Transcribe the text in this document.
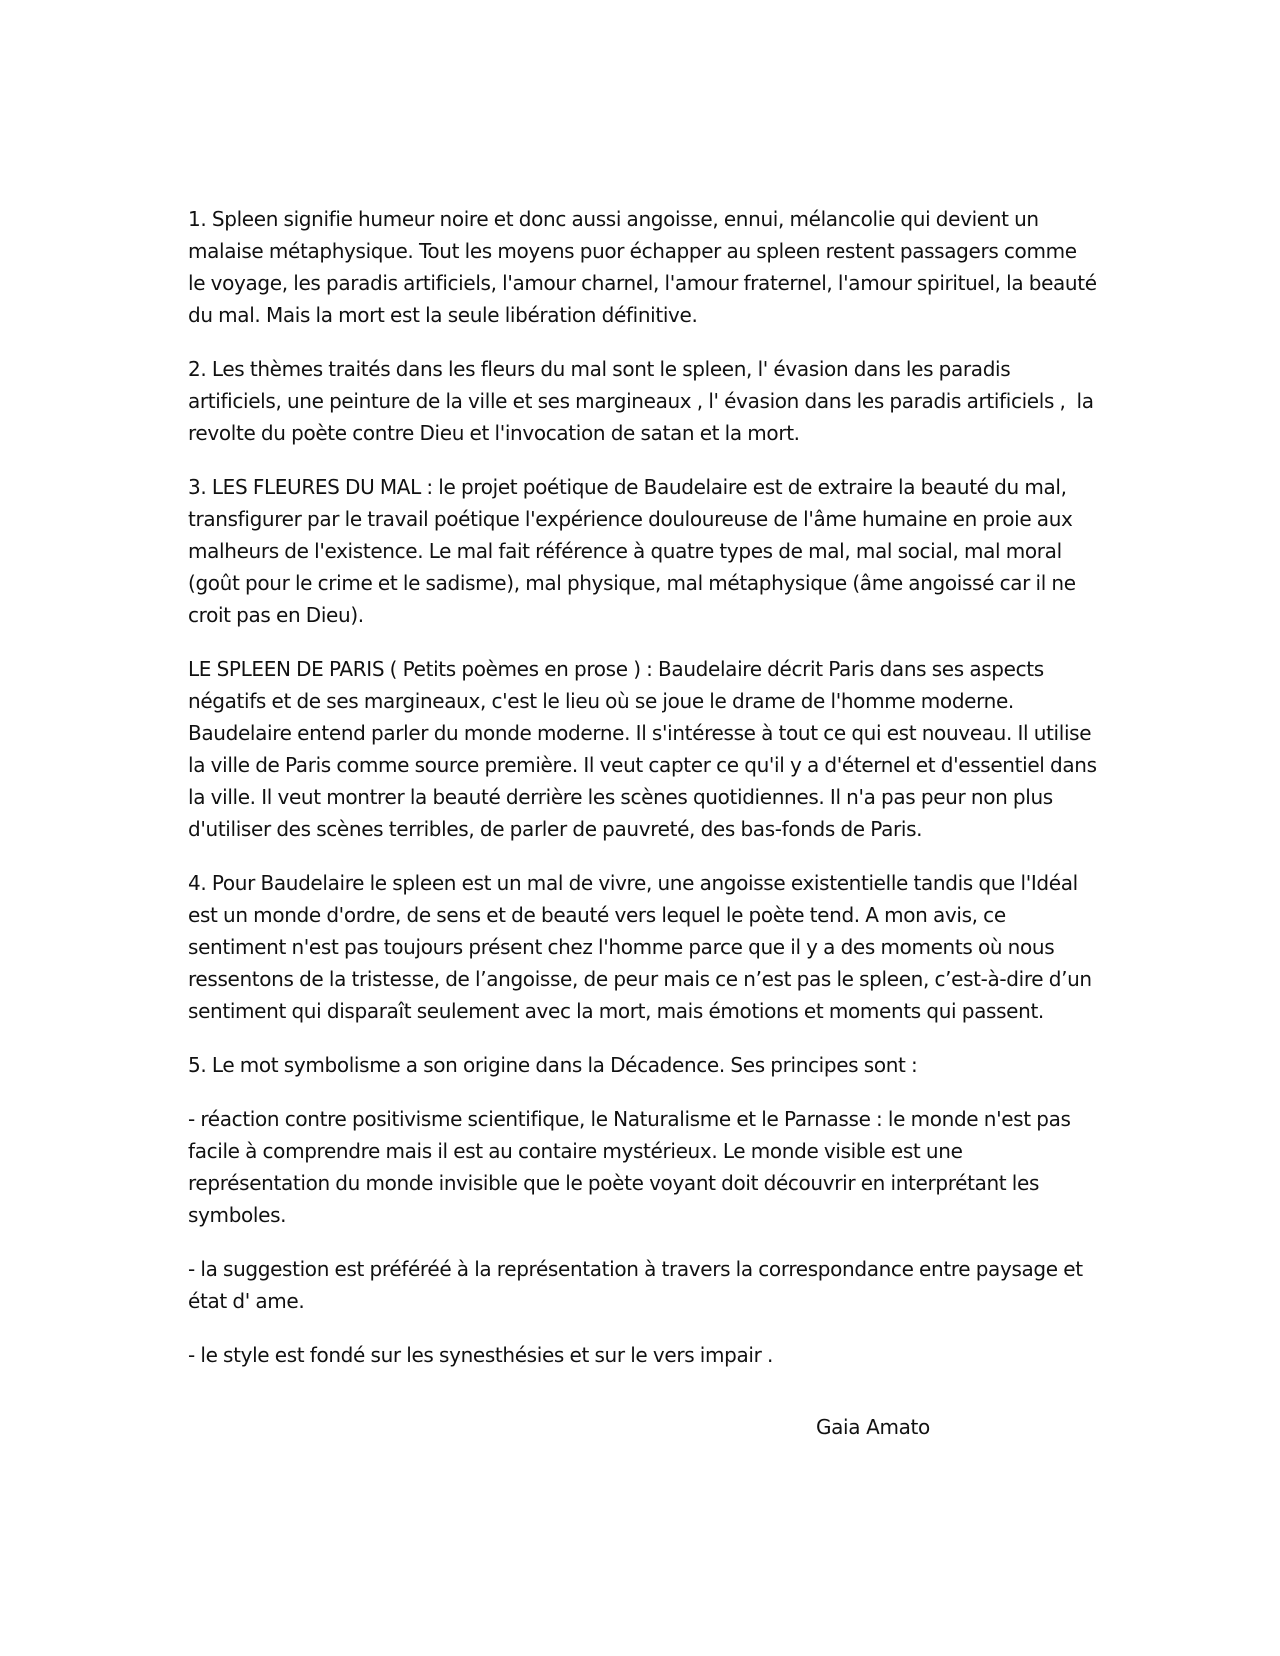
1. Spleen signifie humeur noire et donc aussi angoisse, ennui, mélancolie qui devient un malaise métaphysique. Tout les moyens puor échapper au spleen restent passagers comme le voyage, les paradis artificiels, l'amour charnel, l'amour fraternel, l'amour spirituel, la beauté du mal. Mais la mort est la seule libération définitive.

2. Les thèmes traités dans les fleurs du mal sont le spleen, l' évasion dans les paradis artificiels, une peinture de la ville et ses margineaux , l' évasion dans les paradis artificiels ,  la revolte du poète contre Dieu et l'invocation de satan et la mort.

3. LES FLEURES DU MAL : le projet poétique de Baudelaire est de extraire la beauté du mal, transfigurer par le travail poétique l'expérience douloureuse de l'âme humaine en proie aux malheurs de l'existence. Le mal fait référence à quatre types de mal, mal social, mal moral (goût pour le crime et le sadisme), mal physique, mal métaphysique (âme angoissé car il ne croit pas en Dieu).

LE SPLEEN DE PARIS ( Petits poèmes en prose ) : Baudelaire décrit Paris dans ses aspects négatifs et de ses margineaux, c'est le lieu où se joue le drame de l'homme moderne. Baudelaire entend parler du monde moderne. Il s'intéresse à tout ce qui est nouveau. Il utilise la ville de Paris comme source première. Il veut capter ce qu'il y a d'éternel et d'essentiel dans la ville. Il veut montrer la beauté derrière les scènes quotidiennes. Il n'a pas peur non plus d'utiliser des scènes terribles, de parler de pauvreté, des bas-fonds de Paris.

4. Pour Baudelaire le spleen est un mal de vivre, une angoisse existentielle tandis que l'Idéal est un monde d'ordre, de sens et de beauté vers lequel le poète tend. A mon avis, ce sentiment n'est pas toujours présent chez l'homme parce que il y a des moments où nous ressentons de la tristesse, de l’angoisse, de peur mais ce n’est pas le spleen, c’est-à-dire d’un sentiment qui disparaît seulement avec la mort, mais émotions et moments qui passent.

5. Le mot symbolisme a son origine dans la Décadence. Ses principes sont :

- réaction contre positivisme scientifique, le Naturalisme et le Parnasse : le monde n'est pas facile à comprendre mais il est au contaire mystérieux. Le monde visible est une représentation du monde invisible que le poète voyant doit découvrir en interprétant les symboles.

- la suggestion est préféréé à la représentation à travers la correspondance entre paysage et état d' ame.

- le style est fondé sur les synesthésies et sur le vers impair .

Gaia Amato
